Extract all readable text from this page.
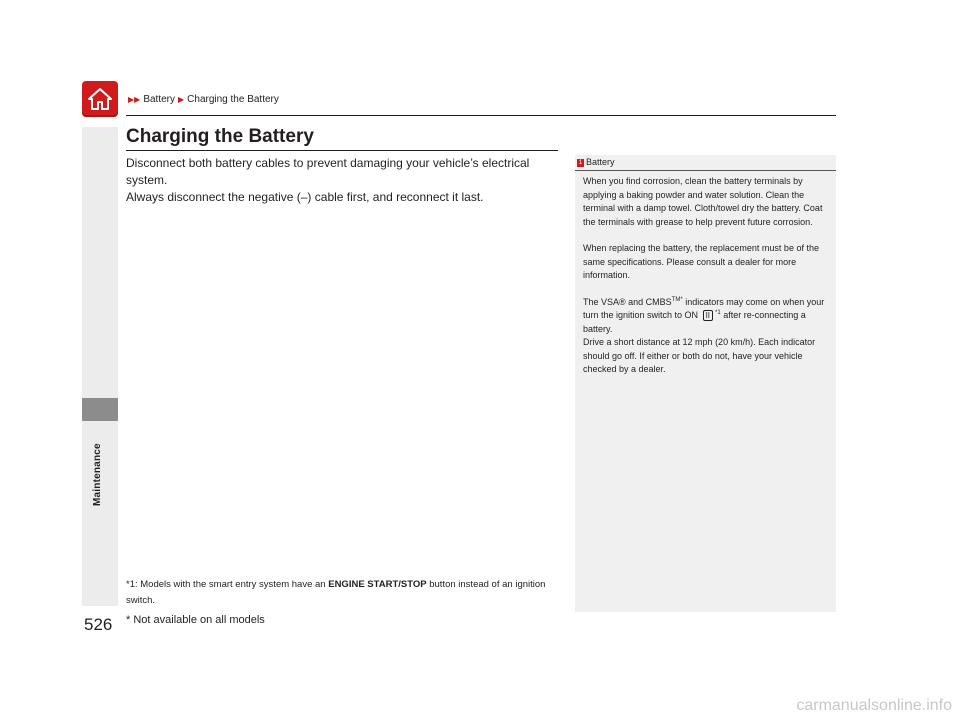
▶▶ Battery ▶ Charging the Battery
Maintenance
526
Charging the Battery

Disconnect both battery cables to prevent damaging your vehicle’s electrical system.

Always disconnect the negative (–) cable first, and reconnect it last.

*1: Models with the smart entry system have an ENGINE START/STOP button instead of an ignition switch.
* Not available on all models
1 Battery

When you find corrosion, clean the battery terminals by applying a baking powder and water solution. Clean the terminal with a damp towel. Cloth/towel dry the battery. Coat the terminals with grease to help prevent future corrosion.

When replacing the battery, the replacement must be of the same specifications. Please consult a dealer for more information.

The VSA® and $CMBS^{TM*}$ indicators may come on when your turn the ignition switch to ON II $^{*1}$ after re-connecting a battery.

Drive a short distance at 12 mph (20 km/h). Each indicator should go off. If either or both do not, have your vehicle checked by a dealer.

carmanualsonline.info
